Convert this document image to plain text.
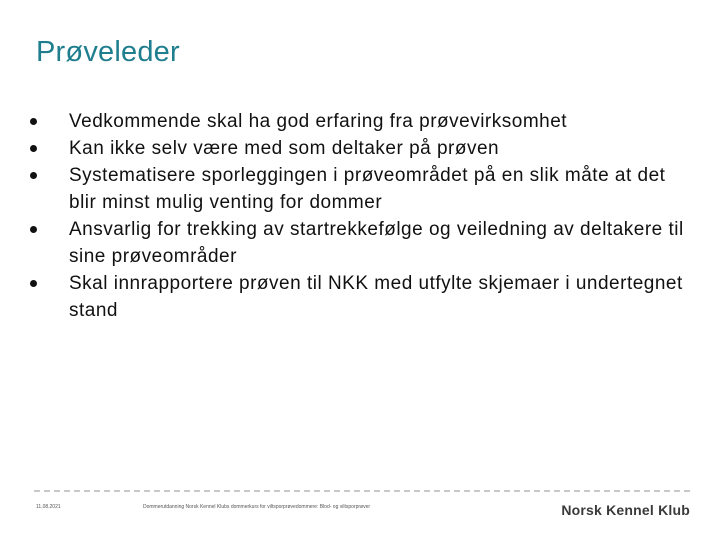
Prøveleder
Vedkommende skal ha god erfaring fra prøvevirksomhet
Kan ikke selv være med som deltaker på prøven
Systematisere sporleggingen i prøveområdet på en slik måte at det blir minst mulig venting for dommer
Ansvarlig for trekking av startrekkefølge og veiledning av deltakere til sine prøveområder
Skal innrapportere prøven til NKK med utfylte skjemaer i undertegnet stand
11.08.2021	Dommerutdanning Norsk Kennel Klubs dommerkurs for viltsporprøvedommere: Blod- og viltsporprøver	Norsk Kennel Klub
